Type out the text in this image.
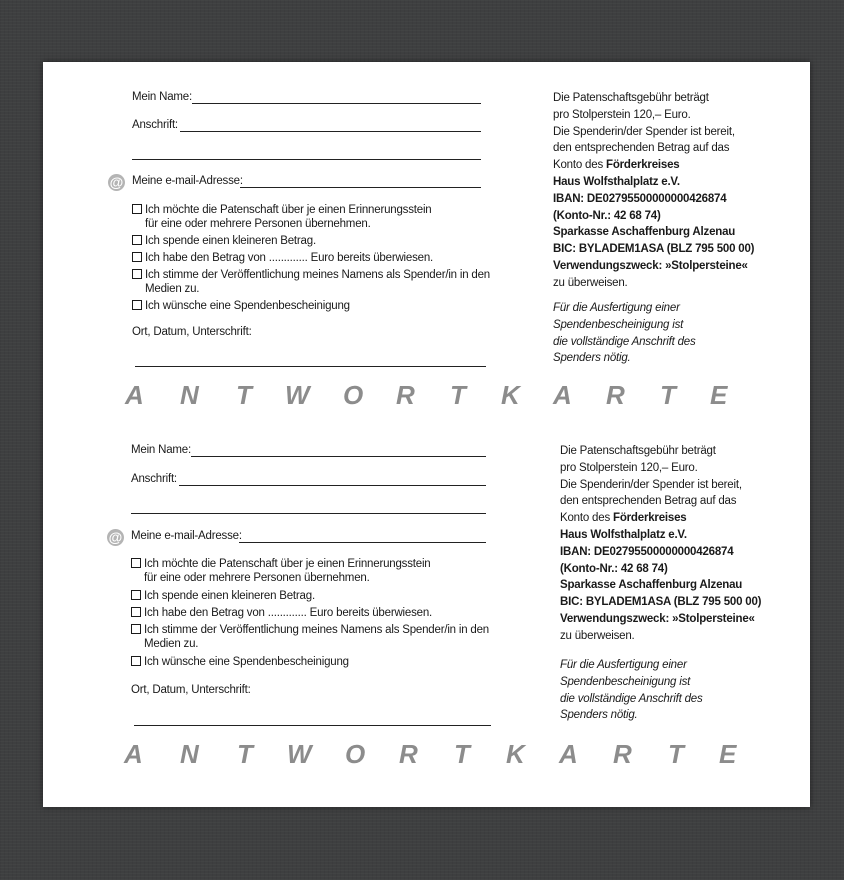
Mein Name:
Anschrift:
@ Meine e-mail-Adresse:
Ich möchte die Patenschaft über je einen Erinnerungsstein
für eine oder mehrere Personen übernehmen.
Ich spende einen kleineren Betrag.
Ich habe den Betrag von ............. Euro bereits überwiesen.
Ich stimme der Veröffentlichung meines Namens als Spender/in in den
Medien zu.
Ich wünsche eine Spendenbescheinigung
Ort, Datum, Unterschrift:
Die Patenschaftsgebühr beträgt
pro Stolperstein 120,– Euro.
Die Spenderin/der Spender ist bereit,
den entsprechenden Betrag auf das
Konto des Förderkreises
Haus Wolfsthalplatz e.V.
IBAN: DE02795500000000426874
(Konto-Nr.: 42 68 74)
Sparkasse Aschaffenburg Alzenau
BIC: BYLADEM1ASA (BLZ 795 500 00)
Verwendungszweck: »Stolpersteine«
zu überweisen.
Für die Ausfertigung einer
Spendenbescheinigung ist
die vollständige Anschrift des
Spenders nötig.
A N T W O R T K A R T E
Mein Name:
Anschrift:
@ Meine e-mail-Adresse:
Ich möchte die Patenschaft über je einen Erinnerungsstein
für eine oder mehrere Personen übernehmen.
Ich spende einen kleineren Betrag.
Ich habe den Betrag von ............. Euro bereits überwiesen.
Ich stimme der Veröffentlichung meines Namens als Spender/in in den
Medien zu.
Ich wünsche eine Spendenbescheinigung
Ort, Datum, Unterschrift:
Die Patenschaftsgebühr beträgt
pro Stolperstein 120,– Euro.
Die Spenderin/der Spender ist bereit,
den entsprechenden Betrag auf das
Konto des Förderkreises
Haus Wolfsthalplatz e.V.
IBAN: DE02795500000000426874
(Konto-Nr.: 42 68 74)
Sparkasse Aschaffenburg Alzenau
BIC: BYLADEM1ASA (BLZ 795 500 00)
Verwendungszweck: »Stolpersteine«
zu überweisen.
Für die Ausfertigung einer
Spendenbescheinigung ist
die vollständige Anschrift des
Spenders nötig.
A N T W O R T K A R T E
